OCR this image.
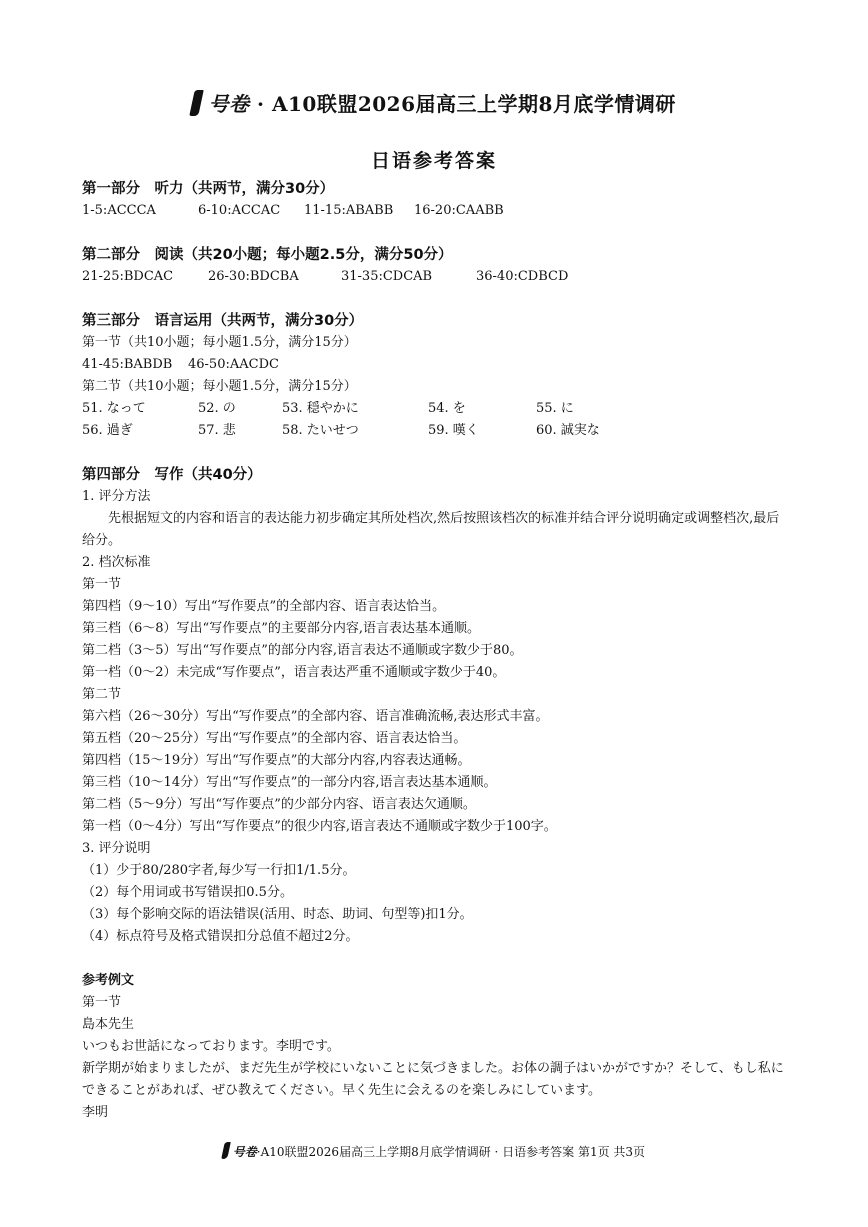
号卷 · A10联盟2026届高三上学期8月底学情调研
日语参考答案

第一部分　听力（共两节，满分30分）

1-5:ACCCA	6-10:ACCAC	11-15:ABABB	16-20:CAABB

第二部分　阅读（共20小题；每小题2.5分，满分50分）

21-25:BDCAC	26-30:BDCBA	31-35:CDCAB	36-40:CDBCD

第三部分　语言运用（共两节，满分30分）

第一节（共10小题；每小题1.5分，满分15分）

41-45:BABDB	46-50:AACDC

第二节（共10小题；每小题1.5分，满分15分）

51. なって	52. の	53. 穏やかに	54. を	55. に
56. 過ぎ	57. 悲	58. たいせつ	59. 嘆く	60. 誠実な

第四部分　写作（共40分）

1. 评分方法

先根据短文的内容和语言的表达能力初步确定其所处档次,然后按照该档次的标准并结合评分说明确定或调整档次,最后给分。

2. 档次标准

第一节

第四档（9～10）写出“写作要点”的全部内容、语言表达恰当。

第三档（6～8）写出“写作要点”的主要部分内容,语言表达基本通顺。

第二档（3～5）写出“写作要点”的部分内容,语言表达不通顺或字数少于80。

第一档（0～2）未完成“写作要点”，语言表达严重不通顺或字数少于40。

第二节

第六档（26～30分）写出“写作要点”的全部内容、语言准确流畅,表达形式丰富。

第五档（20～25分）写出“写作要点”的全部内容、语言表达恰当。

第四档（15～19分）写出“写作要点”的大部分内容,内容表达通畅。

第三档（10～14分）写出“写作要点”的一部分内容,语言表达基本通顺。

第二档（5～9分）写出“写作要点”的少部分内容、语言表达欠通顺。

第一档（0～4分）写出“写作要点”的很少内容,语言表达不通顺或字数少于100字。

3. 评分说明

（1）少于80/280字者,每少写一行扣1/1.5分。

（2）每个用词或书写错误扣0.5分。

（3）每个影响交际的语法错误(活用、时态、助词、句型等)扣1分。

（4）标点符号及格式错误扣分总值不超过2分。

参考例文

第一节

島本先生

いつもお世話になっております。李明です。

新学期が始まりましたが、まだ先生が学校にいないことに気づきました。お体の調子はいかがですか？そして、もし私にできることがあれば、ぜひ教えてください。早く先生に会えるのを楽しみにしています。

李明

号卷·A10联盟2026届高三上学期8月底学情调研 · 日语参考答案 第1页 共3页
